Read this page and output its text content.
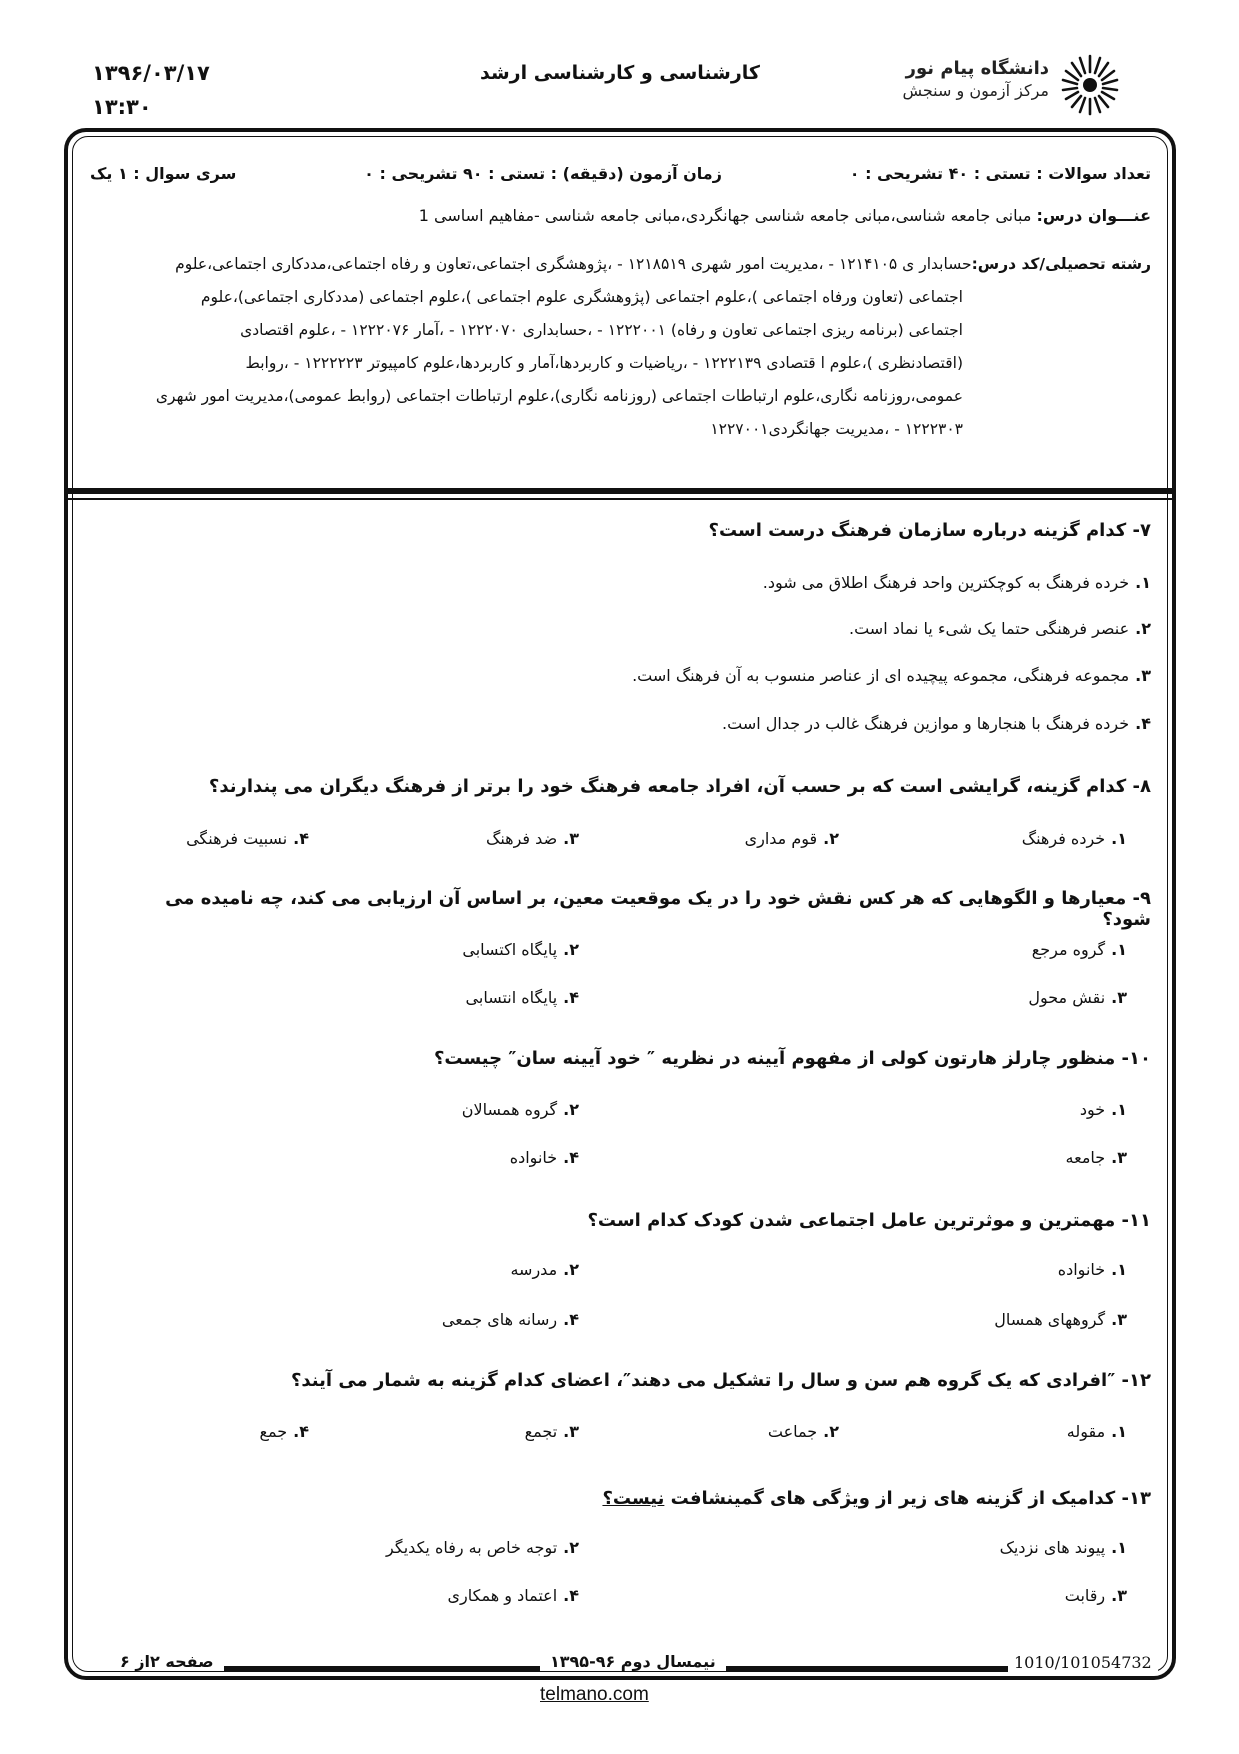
۱۳۹۶/۰۳/۱۷
۱۳:۳۰
کارشناسی و کارشناسی ارشد	دانشگاه پیام نور
مرکز آزمون و سنجش
تعداد سوالات : تستی : ۴۰ تشریحی : ۰
زمان آزمون (دقیقه) : تستی : ۹۰ تشریحی : ۰
سری سوال : ۱ یک
عنـــوان درس: مبانی جامعه شناسی،مبانی جامعه شناسی جهانگردی،مبانی جامعه شناسی -مفاهیم اساسی 1
رشته تحصیلی/کد درس:حسابدار ی ۱۲۱۴۱۰۵ - ،مدیریت امور شهری ۱۲۱۸۵۱۹ - ،پژوهشگری اجتماعی،تعاون و رفاه اجتماعی،مددکاری اجتماعی،علوم
اجتماعی (تعاون ورفاه اجتماعی )،علوم اجتماعی (پژوهشگری علوم اجتماعی )،علوم اجتماعی (مددکاری اجتماعی)،علوم
اجتماعی (برنامه ریزی اجتماعی تعاون و رفاه) ۱۲۲۲۰۰۱ - ،حسابداری ۱۲۲۲۰۷۰ - ،آمار ۱۲۲۲۰۷۶ - ،علوم اقتصادی
(اقتصادنظری )،علوم ا قتصادی ۱۲۲۲۱۳۹ - ،ریاضیات و کاربردها،آمار و کاربردها،علوم کامپیوتر ۱۲۲۲۲۲۳ - ،روابط
عمومی،روزنامه نگاری،علوم ارتباطات اجتماعی (روزنامه نگاری)،علوم ارتباطات اجتماعی (روابط عمومی)،مدیریت امور شهری
۱۲۲۲۳۰۳ - ،مدیریت جهانگردی۱۲۲۷۰۰۱
۷- کدام گزینه درباره سازمان فرهنگ درست است؟
۱.خرده فرهنگ به کوچکترین واحد فرهنگ اطلاق می شود.
۲.عنصر فرهنگی حتما یک شیء یا نماد است.
۳.مجموعه فرهنگی، مجموعه پیچیده ای از عناصر منسوب به آن فرهنگ است.
۴.خرده فرهنگ با هنجارها و موازین فرهنگ غالب در جدال است.
۸- کدام گزینه، گرایشی است که بر حسب آن، افراد جامعه فرهنگ خود را برتر از فرهنگ دیگران می پندارند؟
۱.خرده فرهنگ
۲.قوم مداری
۳.ضد فرهنگ
۴.نسبیت فرهنگی
۹- معیارها و الگوهایی که هر کس نقش خود را در یک موقعیت معین، بر اساس آن ارزیابی می کند، چه نامیده می شود؟
۱.گروه مرجع
۲.پایگاه اکتسابی
۳.نقش محول
۴.پایگاه انتسابی
۱۰- منظور چارلز هارتون کولی از مفهوم آیینه در نظریه ″ خود آیینه سان″ چیست؟
۱.خود
۲.گروه همسالان
۳.جامعه
۴.خانواده
۱۱- مهمترین و موثرترین عامل اجتماعی شدن کودک کدام است؟
۱.خانواده
۲.مدرسه
۳.گروههای همسال
۴.رسانه های جمعی
۱۲- ″افرادی که یک گروه هم سن و سال را تشکیل می دهند″، اعضای کدام گزینه به شمار می آیند؟
۱.مقوله
۲.جماعت
۳.تجمع
۴.جمع
۱۳- کدامیک از گزینه های زیر از ویژگی های گمینشافت نیست؟
۱.پیوند های نزدیک
۲.توجه خاص به رفاه یکدیگر
۳.رقابت
۴.اعتماد و همکاری
صفحه ۲از ۶	نیمسال دوم ۹۶-۱۳۹۵	1010/101054732
telmano.com
